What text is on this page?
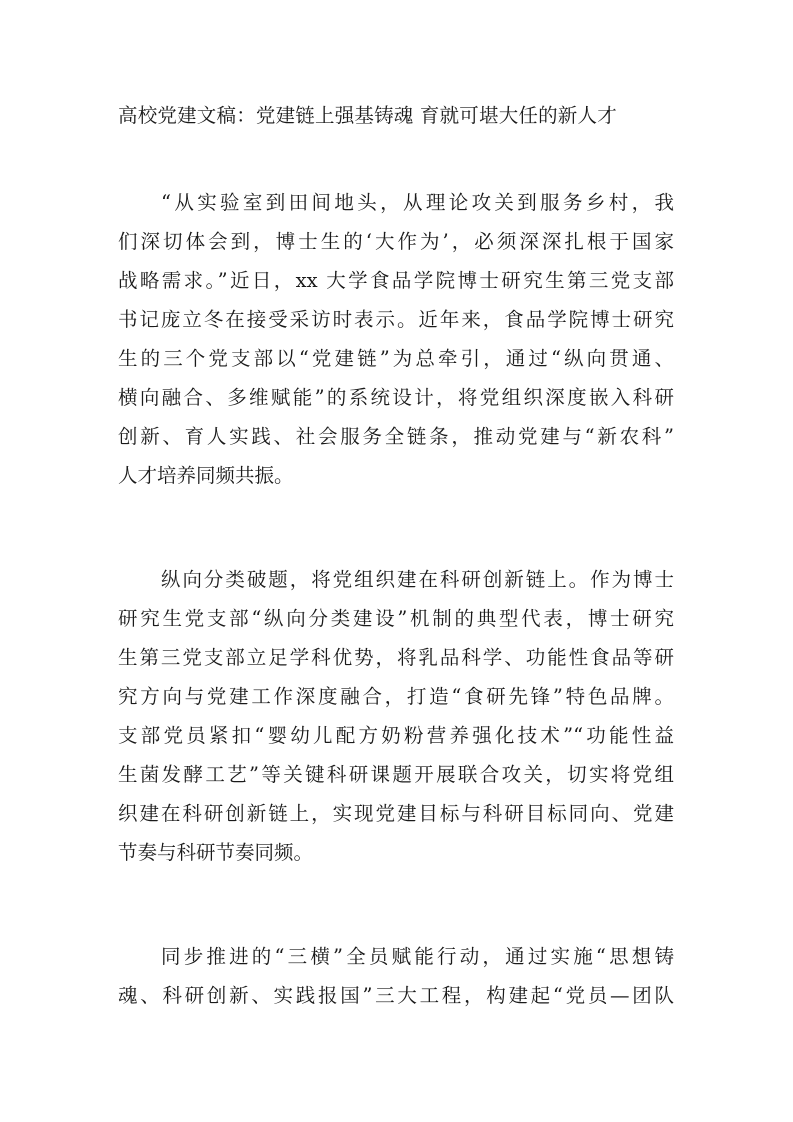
高校党建文稿：党建链上强基铸魂 育就可堪大任的新人才
“从实验室到田间地头，从理论攻关到服务乡村，我
们深切体会到，博士生的‘大作为’，必须深深扎根于国家
战略需求。”近日，xx 大学食品学院博士研究生第三党支部
书记庞立冬在接受采访时表示。近年来，食品学院博士研究
生的三个党支部以“党建链”为总牵引，通过“纵向贯通、
横向融合、多维赋能”的系统设计，将党组织深度嵌入科研
创新、育人实践、社会服务全链条，推动党建与“新农科”
人才培养同频共振。
纵向分类破题，将党组织建在科研创新链上。作为博士
研究生党支部“纵向分类建设”机制的典型代表，博士研究
生第三党支部立足学科优势，将乳品科学、功能性食品等研
究方向与党建工作深度融合，打造“食研先锋”特色品牌。
支部党员紧扣“婴幼儿配方奶粉营养强化技术”“功能性益
生菌发酵工艺”等关键科研课题开展联合攻关，切实将党组
织建在科研创新链上，实现党建目标与科研目标同向、党建
节奏与科研节奏同频。
同步推进的“三横”全员赋能行动，通过实施“思想铸
魂、科研创新、实践报国”三大工程，构建起“党员—团队
